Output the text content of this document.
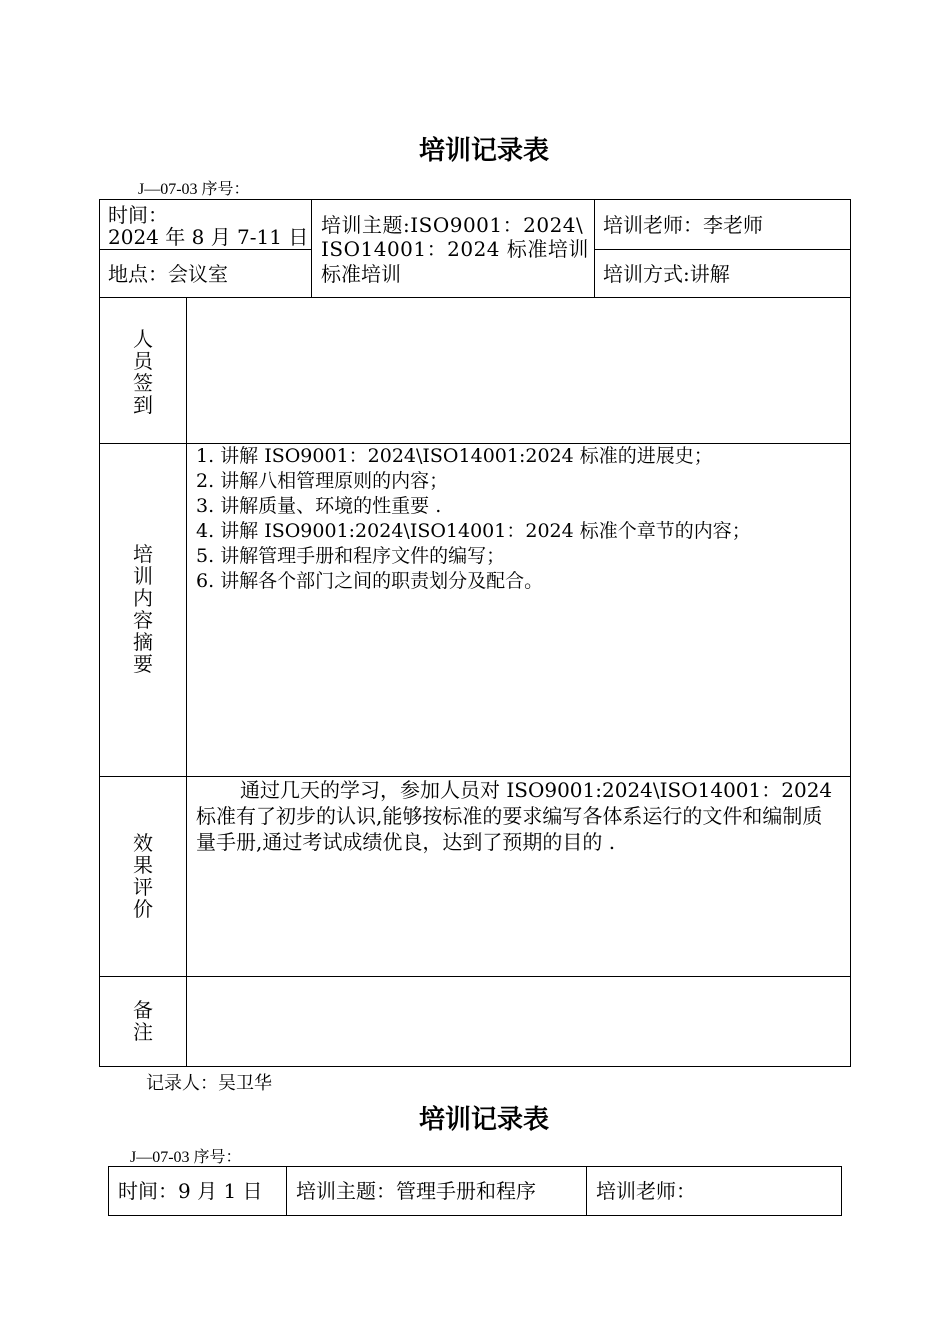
培训记录表
J—07-03 序号：
时间：
2024 年 8 月 7-11 日
地点：会议室
培训主题:ISO9001：2024\
ISO14001：2024 标准培训
标准培训
培训老师：李老师
培训方式:讲解
人
员
签
到
培
训
内
容
摘
要
1. 讲解 ISO9001：2024\ISO14001:2024 标准的进展史；
2. 讲解八相管理原则的内容；
3. 讲解质量、环境的性重要 .
4. 讲解 ISO9001:2024\ISO14001：2024 标准个章节的内容；
5. 讲解管理手册和程序文件的编写；
6. 讲解各个部门之间的职责划分及配合。
效
果
评
价
通过几天的学习，参加人员对 ISO9001:2024\ISO14001：2024 标准有了初步的认识,能够按标准的要求编写各体系运行的文件和编制质量手册,通过考试成绩优良，达到了预期的目的 .
备
注
记录人：吴卫华
培训记录表
J—07-03 序号：
时间：9 月 1 日 培训主题：管理手册和程序	培训老师：
